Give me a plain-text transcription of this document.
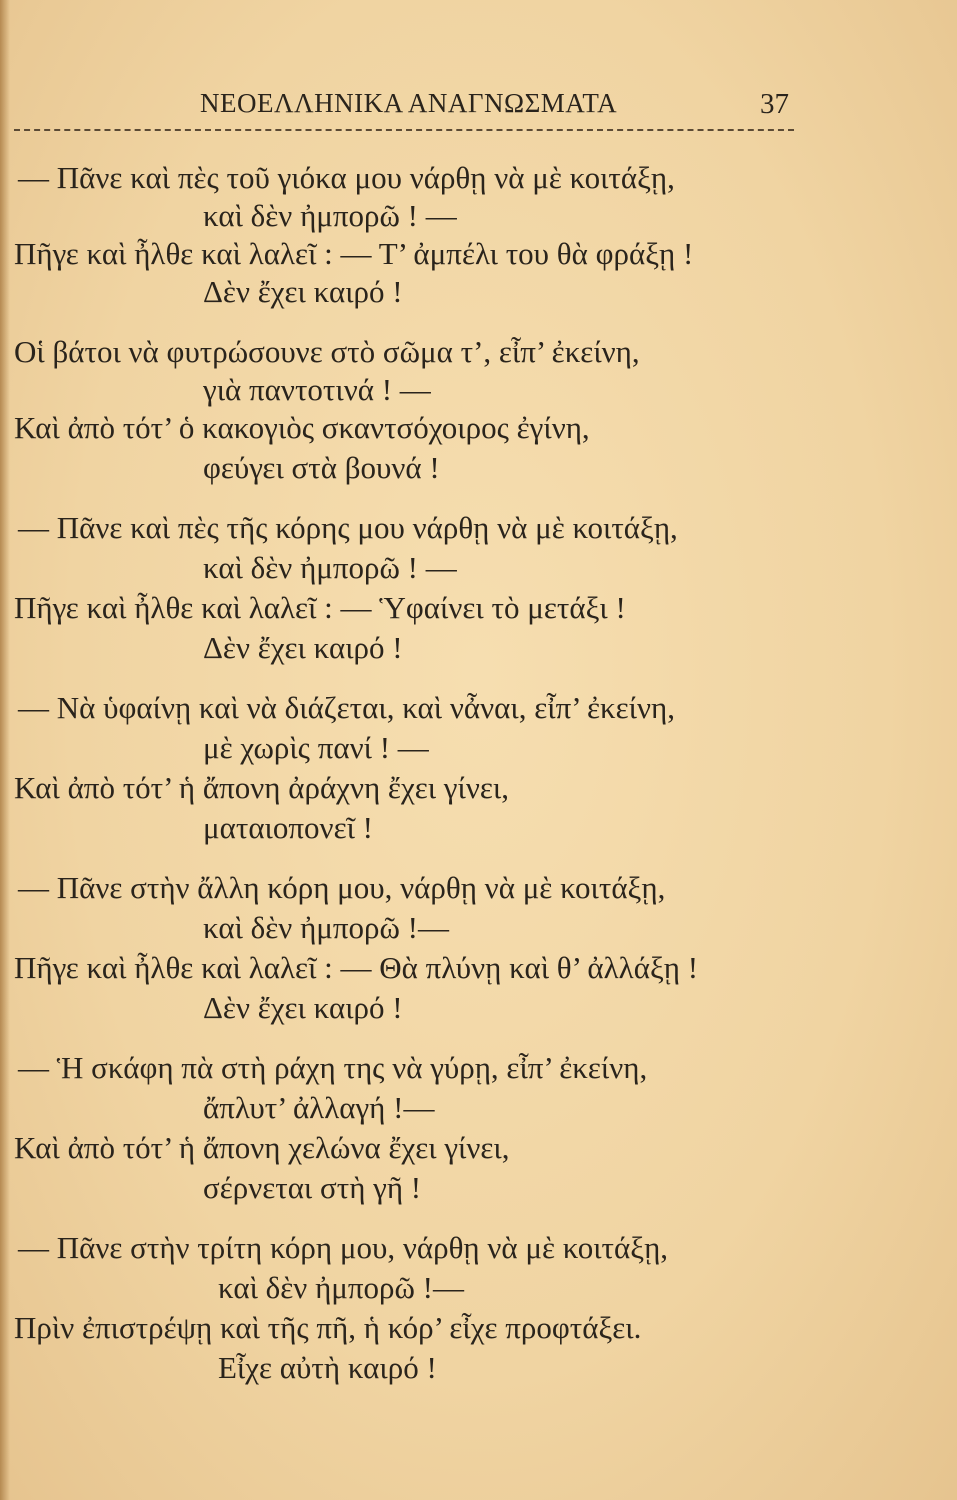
ΝΕΟΕΛΛΗΝΙΚΑ ΑΝΑΓΝΩΣΜΑΤΑ	37
— Πᾶνε καὶ πὲς τοῦ γιόκα μου νάρθῃ νὰ μὲ κοιτάξῃ,
καὶ δὲν ἠμπορῶ ! —
Πῆγε καὶ ἦλθε καὶ λαλεῖ : — Τ’ ἀμπέλι του θὰ φράξῃ !
Δὲν ἔχει καιρό !
Οἱ βάτοι νὰ φυτρώσουνε στὸ σῶμα τ’, εἶπ’ ἐκείνη,
γιὰ παντοτινά ! —
Καὶ ἀπὸ τότ’ ὁ κακογιὸς σκαντσόχοιρος ἐγίνη,
φεύγει στὰ βουνά !
— Πᾶνε καὶ πὲς τῆς κόρης μου νάρθῃ νὰ μὲ κοιτάξῃ,
καὶ δὲν ἠμπορῶ ! —
Πῆγε καὶ ἦλθε καὶ λαλεῖ : — Ὑφαίνει τὸ μετάξι !
Δὲν ἔχει καιρό !
— Νὰ ὑφαίνῃ καὶ νὰ διάζεται, καὶ νἆναι, εἶπ’ ἐκείνη,
μὲ χωρὶς πανί ! —
Καὶ ἀπὸ τότ’ ἡ ἄπονη ἀράχνη ἔχει γίνει,
ματαιοπονεῖ !
— Πᾶνε στὴν ἄλλη κόρη μου, νάρθῃ νὰ μὲ κοιτάξῃ,
καὶ δὲν ἠμπορῶ !—
Πῆγε καὶ ἦλθε καὶ λαλεῖ : — Θὰ πλύνῃ καὶ θ’ ἀλλάξῃ !
Δὲν ἔχει καιρό !
— Ἡ σκάφη πὰ στὴ ράχη της νὰ γύρῃ, εἶπ’ ἐκείνη,
ἄπλυτ’ ἀλλαγή !—
Καὶ ἀπὸ τότ’ ἡ ἄπονη χελώνα ἔχει γίνει,
σέρνεται στὴ γῆ !
— Πᾶνε στὴν τρίτη κόρη μου, νάρθῃ νὰ μὲ κοιτάξῃ,
καὶ δὲν ἠμπορῶ !—
Πρὶν ἐπιστρέψῃ καὶ τῆς πῆ, ἡ κόρ’ εἶχε προφτάξει.
Εἶχε αὐτὴ καιρό !
